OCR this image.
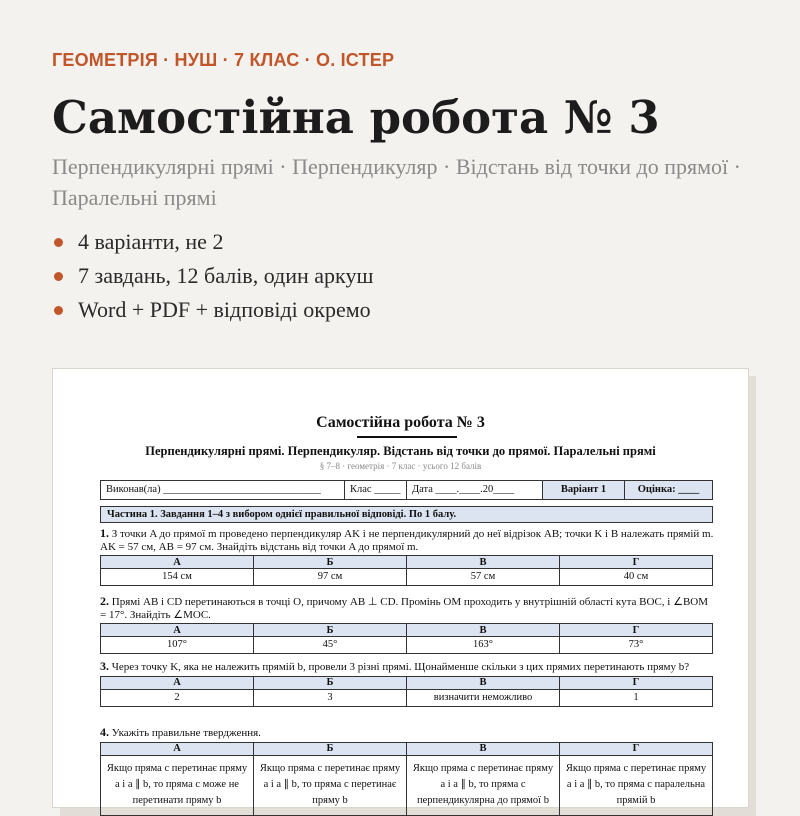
ГЕОМЕТРІЯ · НУШ · 7 КЛАС · О. ІСТЕР
Самостійна робота № 3
Перпендикулярні прямі · Перпендикуляр · Відстань від точки до прямої · Паралельні прямі
4 варіанти, не 2
7 завдань, 12 балів, один аркуш
Word + PDF + відповіді окремо
Самостійна робота № 3
Перпендикулярні прямі. Перпендикуляр. Відстань від точки до прямої. Паралельні прямі
§ 7–8 · геометрія · 7 клас · усього 12 балів
Виконав(ла) ______________________________	Клас _____	Дата ____.____.20____	Варіант 1	Оцінка: ____
Частина 1. Завдання 1–4 з вибором однієї правильної відповіді. По 1 балу.
1. З точки A до прямої m проведено перпендикуляр AK і не перпендикулярний до неї відрізок AB; точки K і B належать прямій m. AK = 57 см, AB = 97 см. Знайдіть відстань від точки A до прямої m.
А	Б	В	Г
154 см	97 см	57 см	40 см
2. Прямі AB і CD перетинаються в точці O, причому AB ⊥ CD. Промінь OM проходить у внутрішній області кута BOC, і ∠BOM = 17°. Знайдіть ∠MOC.
А	Б	В	Г
107°	45°	163°	73°
3. Через точку K, яка не належить прямій b, провели 3 різні прямі. Щонайменше скільки з цих прямих перетинають пряму b?
А	Б	В	Г
2	3	визначити неможливо	1
4. Укажіть правильне твердження.
А	Б	В	Г
Якщо пряма c перетинає пряму a і a ∥ b, то пряма c може не перетинати пряму b	Якщо пряма c перетинає пряму a і a ∥ b, то пряма c перетинає пряму b	Якщо пряма c перетинає пряму a і a ∥ b, то пряма c перпендикулярна до прямої b	Якщо пряма c перетинає пряму a і a ∥ b, то пряма c паралельна прямій b
